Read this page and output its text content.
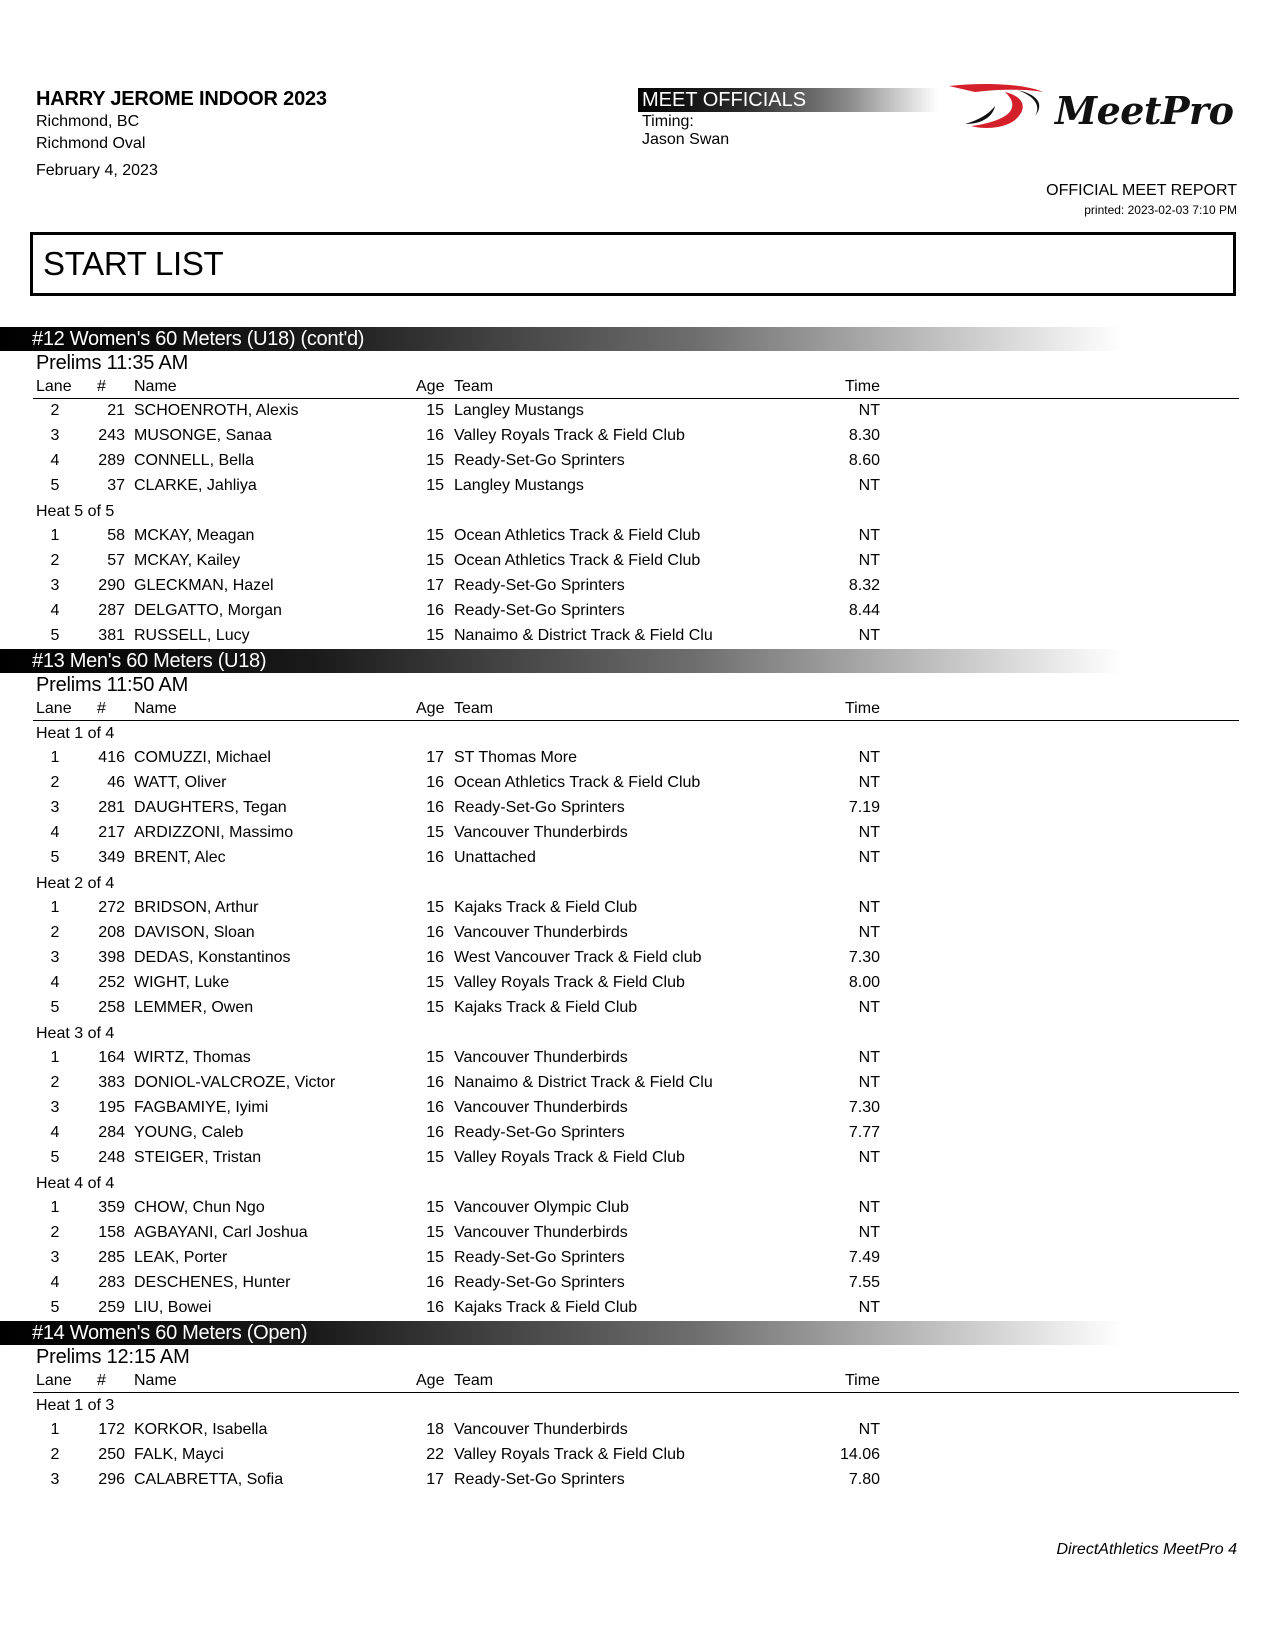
HARRY JEROME INDOOR 2023
Richmond, BC
Richmond Oval
February 4, 2023
MEET OFFICIALS
Timing:
Jason Swan
MeetPro
OFFICIAL MEET REPORT
printed: 2023-02-03 7:10 PM
START LIST
#12 Women's 60 Meters (U18) (cont'd)
Prelims 11:35 AM
Lane # Name	Age Team	Time
2	21 SCHOENROTH, Alexis	15 Langley Mustangs	NT
3	243 MUSONGE, Sanaa	16 Valley Royals Track & Field Club	8.30
4	289 CONNELL, Bella	15 Ready-Set-Go Sprinters	8.60
5	37 CLARKE, Jahliya	15 Langley Mustangs	NT
Heat 5 of 5
1	58 MCKAY, Meagan	15 Ocean Athletics Track & Field Club	NT
2	57 MCKAY, Kailey	15 Ocean Athletics Track & Field Club	NT
3	290 GLECKMAN, Hazel	17 Ready-Set-Go Sprinters	8.32
4	287 DELGATTO, Morgan	16 Ready-Set-Go Sprinters	8.44
5	381 RUSSELL, Lucy	15 Nanaimo & District Track & Field Clu	NT
#13 Men's 60 Meters (U18)
Prelims 11:50 AM
Lane # Name	Age Team	Time
Heat 1 of 4
1	416 COMUZZI, Michael	17 ST Thomas More	NT
2	46 WATT, Oliver	16 Ocean Athletics Track & Field Club	NT
3	281 DAUGHTERS, Tegan	16 Ready-Set-Go Sprinters	7.19
4	217 ARDIZZONI, Massimo	15 Vancouver Thunderbirds	NT
5	349 BRENT, Alec	16 Unattached	NT
Heat 2 of 4
1	272 BRIDSON, Arthur	15 Kajaks Track & Field Club	NT
2	208 DAVISON, Sloan	16 Vancouver Thunderbirds	NT
3	398 DEDAS, Konstantinos	16 West Vancouver Track & Field club	7.30
4	252 WIGHT, Luke	15 Valley Royals Track & Field Club	8.00
5	258 LEMMER, Owen	15 Kajaks Track & Field Club	NT
Heat 3 of 4
1	164 WIRTZ, Thomas	15 Vancouver Thunderbirds	NT
2	383 DONIOL-VALCROZE, Victor	16 Nanaimo & District Track & Field Clu	NT
3	195 FAGBAMIYE, Iyimi	16 Vancouver Thunderbirds	7.30
4	284 YOUNG, Caleb	16 Ready-Set-Go Sprinters	7.77
5	248 STEIGER, Tristan	15 Valley Royals Track & Field Club	NT
Heat 4 of 4
1	359 CHOW, Chun Ngo	15 Vancouver Olympic Club	NT
2	158 AGBAYANI, Carl Joshua	15 Vancouver Thunderbirds	NT
3	285 LEAK, Porter	15 Ready-Set-Go Sprinters	7.49
4	283 DESCHENES, Hunter	16 Ready-Set-Go Sprinters	7.55
5	259 LIU, Bowei	16 Kajaks Track & Field Club	NT
#14 Women's 60 Meters (Open)
Prelims 12:15 AM
Lane # Name	Age Team	Time
Heat 1 of 3
1	172 KORKOR, Isabella	18 Vancouver Thunderbirds	NT
2	250 FALK, Mayci	22 Valley Royals Track & Field Club	14.06
3	296 CALABRETTA, Sofia	17 Ready-Set-Go Sprinters	7.80
DirectAthletics MeetPro 4
